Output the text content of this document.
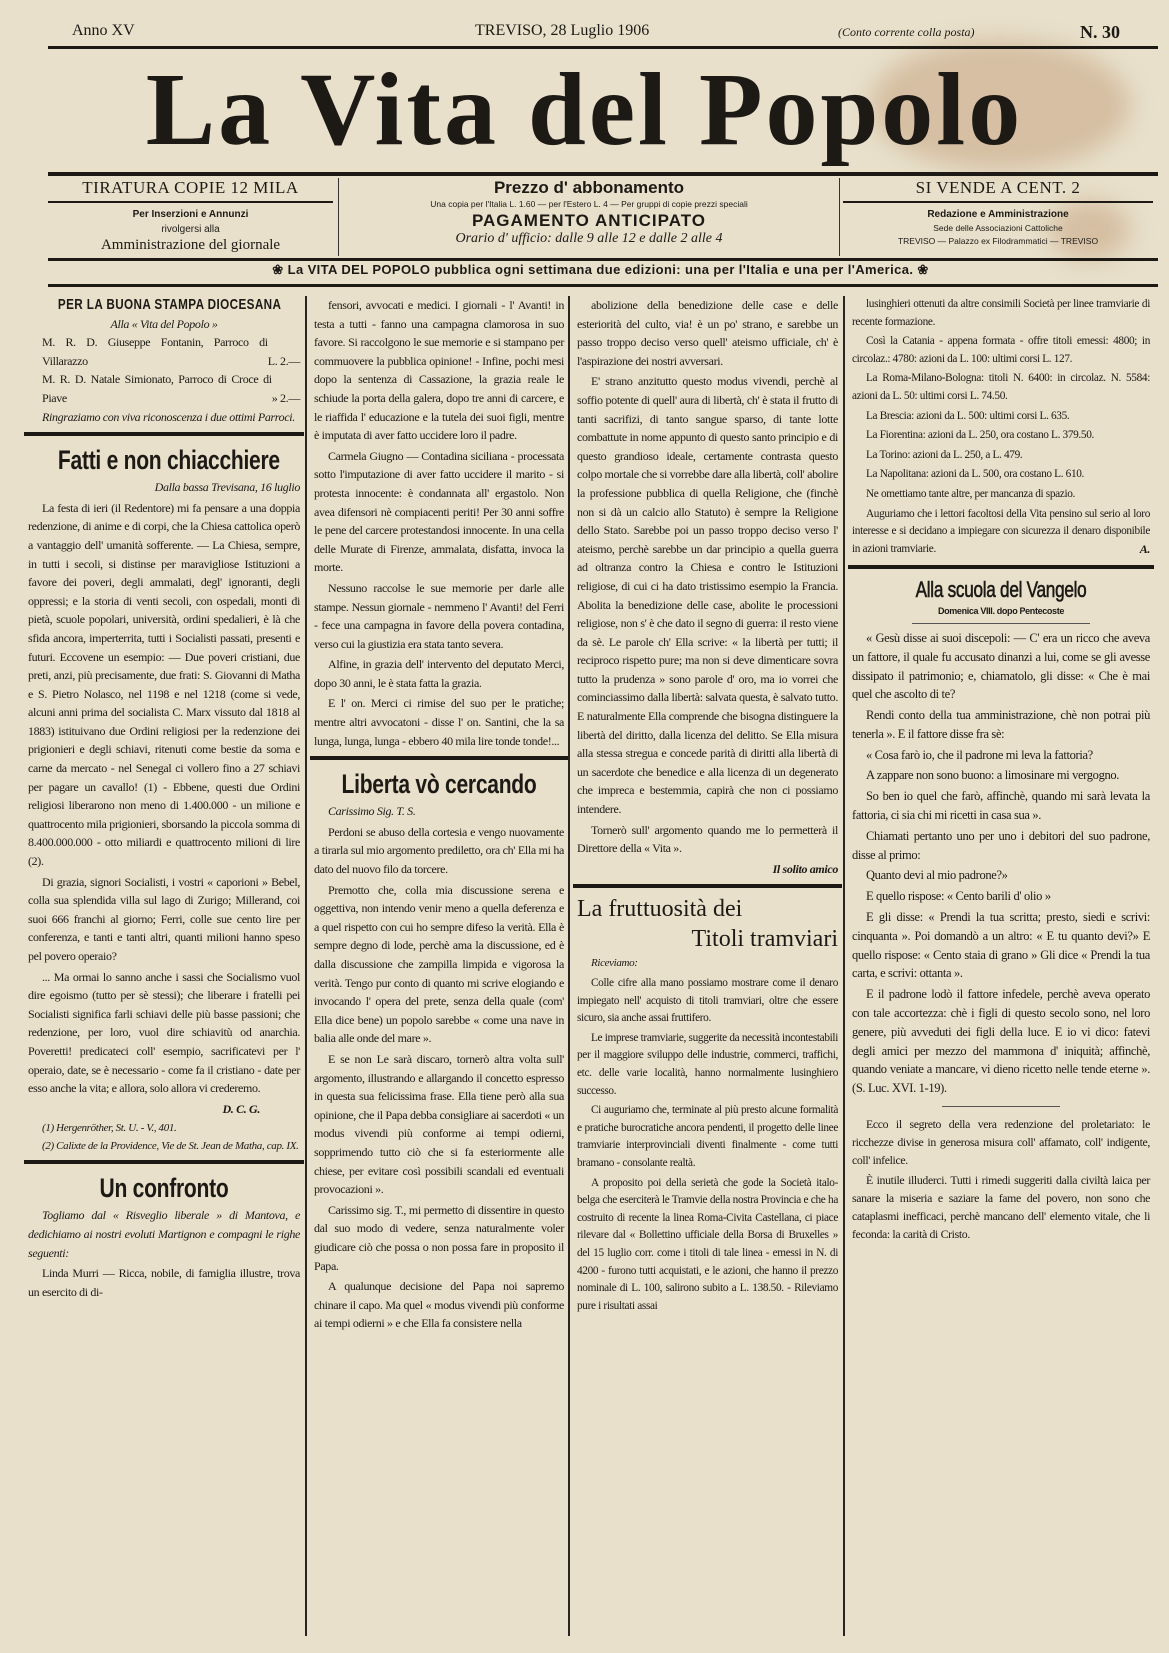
Anno XV	TREVISO, 28 Luglio 1906	(Conto corrente colla posta)	N. 30
La Vita del Popolo
TIRATURA COPIE 12 MILA
Per Inserzioni e Annunzi
rivolgersi alla
Amministrazione del giornale
Prezzo d' abbonamento
Una copia per l'Italia L. 1.60 — per l'Estero L. 4 — Per gruppi di copie prezzi speciali
PAGAMENTO ANTICIPATO
Orario d' ufficio: dalle 9 alle 12 e dalle 2 alle 4
SI VENDE A CENT. 2
Redazione e Amministrazione
Sede delle Associazioni Cattoliche
TREVISO — Palazzo ex Filodrammatici — TREVISO
❀ La VITA DEL POPOLO pubblica ogni settimana due edizioni: una per l'Italia e una per l'America. ❀
PER LA BUONA STAMPA DIOCESANA
Alla « Vita del Popolo »
M. R. D. Giuseppe Fontanin, Parroco di Villarazzo	L. 2.—
M. R. D. Natale Simionato, Parroco di Croce di Piave	» 2.—

Ringraziamo con viva riconoscenza i due ottimi Parroci.

Fatti e non chiacchiere

Dalla bassa Trevisana, 16 luglio

La festa di ieri (il Redentore) mi fa pensare a una doppia redenzione, di anime e di corpi, che la Chiesa cattolica operò a vantaggio dell' umanità sofferente. — La Chiesa, sempre, in tutti i secoli, si distinse per maravigliose Istituzioni a favore dei poveri, degli ammalati, degl' ignoranti, degli oppressi; e la storia di venti secoli, con ospedali, monti di pietà, scuole popolari, università, ordini spedalieri, è là che sfida ancora, imperterrita, tutti i Socialisti passati, presenti e futuri. Eccovene un esempio: — Due poveri cristiani, due preti, anzi, più precisamente, due frati: S. Giovanni di Matha e S. Pietro Nolasco, nel 1198 e nel 1218 (come si vede, alcuni anni prima del socialista C. Marx vissuto dal 1818 al 1883) istituivano due Ordini religiosi per la redenzione dei prigionieri e degli schiavi, ritenuti come bestie da soma e carne da mercato - nel Senegal ci vollero fino a 27 schiavi per pagare un cavallo! (1) - Ebbene, questi due Ordini religiosi liberarono non meno di 1.400.000 - un milione e quattrocento mila prigionieri, sborsando la piccola somma di 8.400.000.000 - otto miliardi e quattrocento milioni di lire (2).

Di grazia, signori Socialisti, i vostri « caporioni » Bebel, colla sua splendida villa sul lago di Zurigo; Millerand, coi suoi 666 franchi al giorno; Ferri, colle sue cento lire per conferenza, e tanti e tanti altri, quanti milioni hanno speso pel povero operaio?

... Ma ormai lo sanno anche i sassi che Socialismo vuol dire egoismo (tutto per sè stessi); che liberare i fratelli pei Socialisti significa farli schiavi delle più basse passioni; che redenzione, per loro, vuol dire schiavitù od anarchia. Poveretti! predicateci coll' esempio, sacrificatevi per l' operaio, date, se è necessario - come fa il cristiano - date per esso anche la vita; e allora, solo allora vi crederemo.

D. C. G.

(1) Hergenröther, St. U. - V., 401.

(2) Calixte de la Providence, Vie de St. Jean de Matha, cap. IX.

Un confronto

Togliamo dal « Risveglio liberale » di Mantova, e dedichiamo ai nostri evoluti Martignon e compagni le righe seguenti:

Linda Murri — Ricca, nobile, di famiglia illustre, trova un esercito di di-

fensori, avvocati e medici. I giornali - l' Avanti! in testa a tutti - fanno una campagna clamorosa in suo favore. Si raccolgono le sue memorie e si stampano per commuovere la pubblica opinione! - Infine, pochi mesi dopo la sentenza di Cassazione, la grazia reale le schiude la porta della galera, dopo tre anni di carcere, e le riaffida l' educazione e la tutela dei suoi figli, mentre è imputata di aver fatto uccidere loro il padre.

Carmela Giugno — Contadina siciliana - processata sotto l'imputazione di aver fatto uccidere il marito - si protesta innocente: è condannata all' ergastolo. Non avea difensori nè compiacenti periti! Per 30 anni soffre le pene del carcere protestandosi innocente. In una cella delle Murate di Firenze, ammalata, disfatta, invoca la morte.

Nessuno raccolse le sue memorie per darle alle stampe. Nessun giornale - nemmeno l' Avanti! del Ferri - fece una campagna in favore della povera contadina, verso cui la giustizia era stata tanto severa.

Alfine, in grazia dell' intervento del deputato Merci, dopo 30 anni, le è stata fatta la grazia.

E l' on. Merci ci rimise del suo per le pratiche; mentre altri avvocatoni - disse l' on. Santini, che la sa lunga, lunga, lunga - ebbero 40 mila lire tonde tonde!...

Liberta vò cercando

Carissimo Sig. T. S.

Perdoni se abuso della cortesia e vengo nuovamente a tirarla sul mio argomento prediletto, ora ch' Ella mi ha dato del nuovo filo da torcere.

Premotto che, colla mia discussione serena e oggettiva, non intendo venir meno a quella deferenza e a quel rispetto con cui ho sempre difeso la verità. Ella è sempre degno di lode, perchè ama la discussione, ed è dalla discussione che zampilla limpida e vigorosa la verità. Tengo pur conto di quanto mi scrive elogiando e invocando l' opera del prete, senza della quale (com' Ella dice bene) un popolo sarebbe « come una nave in balia alle onde del mare ».

E se non Le sarà discaro, tornerò altra volta sull' argomento, illustrando e allargando il concetto espresso in questa sua felicissima frase. Ella tiene però alla sua opinione, che il Papa debba consigliare ai sacerdoti « un modus vivendi più conforme ai tempi odierni, sopprimendo tutto ciò che si fa esteriormente alle chiese, per evitare così possibili scandali ed eventuali provocazioni ».

Carissimo sig. T., mi permetto di dissentire in questo dal suo modo di vedere, senza naturalmente voler giudicare ciò che possa o non possa fare in proposito il Papa.

A qualunque decisione del Papa noi sapremo chinare il capo. Ma quel « modus vivendi più conforme ai tempi odierni » e che Ella fa consistere nella

abolizione della benedizione delle case e delle esteriorità del culto, via! è un po' strano, e sarebbe un passo troppo deciso verso quell' ateismo ufficiale, ch' è l'aspirazione dei nostri avversari.

E' strano anzitutto questo modus vivendi, perchè al soffio potente di quell' aura di libertà, ch' è stata il frutto di tanti sacrifizi, di tanto sangue sparso, di tante lotte combattute in nome appunto di questo santo principio e di questo grandioso ideale, certamente contrasta questo colpo mortale che si vorrebbe dare alla libertà, coll' abolire la professione pubblica di quella Religione, che (finchè non si dà un calcio allo Statuto) è sempre la Religione dello Stato. Sarebbe poi un passo troppo deciso verso l' ateismo, perchè sarebbe un dar principio a quella guerra ad oltranza contro la Chiesa e contro le Istituzioni religiose, di cui ci ha dato tristissimo esempio la Francia. Abolita la benedizione delle case, abolite le processioni religiose, non s' è che dato il segno di guerra: il resto viene da sè. Le parole ch' Ella scrive: « la libertà per tutti; il reciproco rispetto pure; ma non si deve dimenticare sovra tutto la prudenza » sono parole d' oro, ma io vorrei che cominciassimo dalla libertà: salvata questa, è salvato tutto. E naturalmente Ella comprende che bisogna distinguere la libertà del diritto, dalla licenza del delitto. Se Ella misura alla stessa stregua e concede parità di diritti alla libertà di un sacerdote che benedice e alla licenza di un degenerato che impreca e bestemmia, capirà che non ci possiamo intendere.

Tornerò sull' argomento quando me lo permetterà il Direttore della « Vita ».

Il solito amico

La fruttuosità dei
Titoli tramviari

Riceviamo:

Colle cifre alla mano possiamo mostrare come il denaro impiegato nell' acquisto di titoli tramviari, oltre che essere sicuro, sia anche assai fruttifero.

Le imprese tramviarie, suggerite da necessità incontestabili per il maggiore sviluppo delle industrie, commerci, traffichi, etc. delle varie località, hanno normalmente lusinghiero successo.

Ci auguriamo che, terminate al più presto alcune formalità e pratiche burocratiche ancora pendenti, il progetto delle linee tramviarie interprovinciali diventi finalmente - come tutti bramano - consolante realtà.

A proposito poi della serietà che gode la Società italo-belga che eserciterà le Tramvie della nostra Provincia e che ha costruito di recente la linea Roma-Civita Castellana, ci piace rilevare dal « Bollettino ufficiale della Borsa di Bruxelles » del 15 luglio corr. come i titoli di tale linea - emessi in N. di 4200 - furono tutti acquistati, e le azioni, che hanno il prezzo nominale di L. 100, salirono subito a L. 138.50. - Rileviamo pure i risultati assai

lusinghieri ottenuti da altre consimili Società per linee tramviarie di recente formazione.

Così la Catania - appena formata - offre titoli emessi: 4800; in circolaz.: 4780: azioni da L. 100: ultimi corsi L. 127.

La Roma-Milano-Bologna: titoli N. 6400: in circolaz. N. 5584: azioni da L. 50: ultimi corsi L. 74.50.

La Brescia: azioni da L. 500: ultimi corsi L. 635.

La Fiorentina: azioni da L. 250, ora costano L. 379.50.

La Torino: azioni da L. 250, a L. 479.

La Napolitana: azioni da L. 500, ora costano L. 610.

Ne omettiamo tante altre, per mancanza di spazio.

Auguriamo che i lettori facoltosi della Vita pensino sul serio al loro interesse e si decidano a impiegare con sicurezza il denaro disponibile in azioni tramviarie.	A.

Alla scuola del Vangelo
Domenica VIII. dopo Pentecoste

« Gesù disse ai suoi discepoli: — C' era un ricco che aveva un fattore, il quale fu accusato dinanzi a lui, come se gli avesse dissipato il patrimonio; e, chiamatolo, gli disse: « Che è mai quel che ascolto di te?

Rendi conto della tua amministrazione, chè non potrai più tenerla ». E il fattore disse fra sè:

« Cosa farò io, che il padrone mi leva la fattoria?

A zappare non sono buono: a limosinare mi vergogno.

So ben io quel che farò, affinchè, quando mi sarà levata la fattoria, ci sia chi mi ricetti in casa sua ».

Chiamati pertanto uno per uno i debitori del suo padrone, disse al primo:

Quanto devi al mio padrone?»

E quello rispose: « Cento barili d' olio »

E gli disse: « Prendi la tua scritta; presto, siedi e scrivi: cinquanta ». Poi domandò a un altro: « E tu quanto devi?» E quello rispose: « Cento staia di grano » Gli dice « Prendi la tua carta, e scrivi: ottanta ».

E il padrone lodò il fattore infedele, perchè aveva operato con tale accortezza: chè i figli di questo secolo sono, nel loro genere, più avveduti dei figli della luce. E io vi dico: fatevi degli amici per mezzo del mammona d' iniquità; affinchè, quando veniate a mancare, vi dieno ricetto nelle tende eterne ». (S. Luc. XVI. 1-19).

Ecco il segreto della vera redenzione del proletariato: le ricchezze divise in generosa misura coll' affamato, coll' indigente, coll' infelice.

È inutile illuderci. Tutti i rimedi suggeriti dalla civiltà laica per sanare la miseria e saziare la fame del povero, non sono che cataplasmi inefficaci, perchè mancano dell' elemento vitale, che li feconda: la carità di Cristo.
